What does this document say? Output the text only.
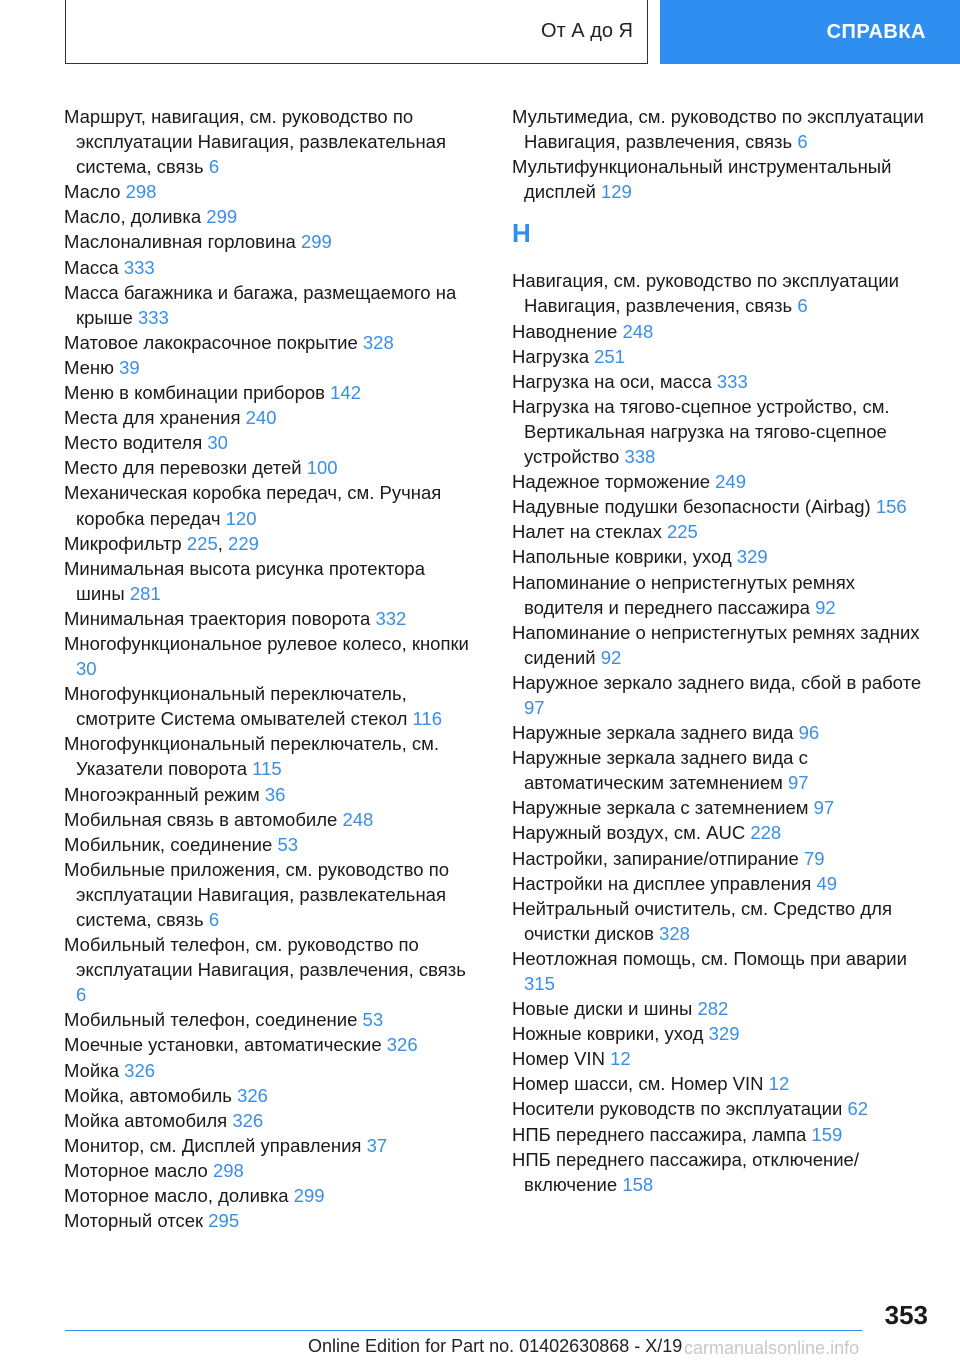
От А до Я	СПРАВКА
Маршрут, навигация, см. руководство по эксплуатации Навигация, развлекательная система, связь 6
Масло 298
Масло, доливка 299
Маслоналивная горловина 299
Масса 333
Масса багажника и багажа, размещаемого на крыше 333
Матовое лакокрасочное покрытие 328
Меню 39
Меню в комбинации приборов 142
Места для хранения 240
Место водителя 30
Место для перевозки детей 100
Механическая коробка передач, см. Ручная коробка передач 120
Микрофильтр 225, 229
Минимальная высота рисунка протектора шины 281
Минимальная траектория поворота 332
Многофункциональное рулевое колесо, кнопки 30
Многофункциональный переключатель, смотрите Система омывателей стекол 116
Многофункциональный переключатель, см. Указатели поворота 115
Многоэкранный режим 36
Мобильная связь в автомобиле 248
Мобильник, соединение 53
Мобильные приложения, см. руководство по эксплуатации Навигация, развлекательная система, связь 6
Мобильный телефон, см. руководство по эксплуатации Навигация, развлечения, связь 6
Мобильный телефон, соединение 53
Моечные установки, автоматические 326
Мойка 326
Мойка, автомобиль 326
Мойка автомобиля 326
Монитор, см. Дисплей управления 37
Моторное масло 298
Моторное масло, доливка 299
Моторный отсек 295
Мультимедиа, см. руководство по эксплуатации Навигация, развлечения, связь 6
Мультифункциональный инструментальный дисплей 129
Н
Навигация, см. руководство по эксплуатации Навигация, развлечения, связь 6
Наводнение 248
Нагрузка 251
Нагрузка на оси, масса 333
Нагрузка на тягово-сцепное устройство, см. Вертикальная нагрузка на тягово-сцепное устройство 338
Надежное торможение 249
Надувные подушки безопасности (Airbag) 156
Налет на стеклах 225
Напольные коврики, уход 329
Напоминание о непристегнутых ремнях водителя и переднего пассажира 92
Напоминание о непристегнутых ремнях задних сидений 92
Наружное зеркало заднего вида, сбой в работе 97
Наружные зеркала заднего вида 96
Наружные зеркала заднего вида с автоматическим затемнением 97
Наружные зеркала с затемнением 97
Наружный воздух, см. AUC 228
Настройки, запирание/отпирание 79
Настройки на дисплее управления 49
Нейтральный очиститель, см. Средство для очистки дисков 328
Неотложная помощь, см. Помощь при аварии 315
Новые диски и шины 282
Ножные коврики, уход 329
Номер VIN 12
Номер шасси, см. Номер VIN 12
Носители руководств по эксплуатации 62
НПБ переднего пассажира, лампа 159
НПБ переднего пассажира, отключение/включение 158
353
Online Edition for Part no. 01402630868 - X/19 carmanualsonline.info
